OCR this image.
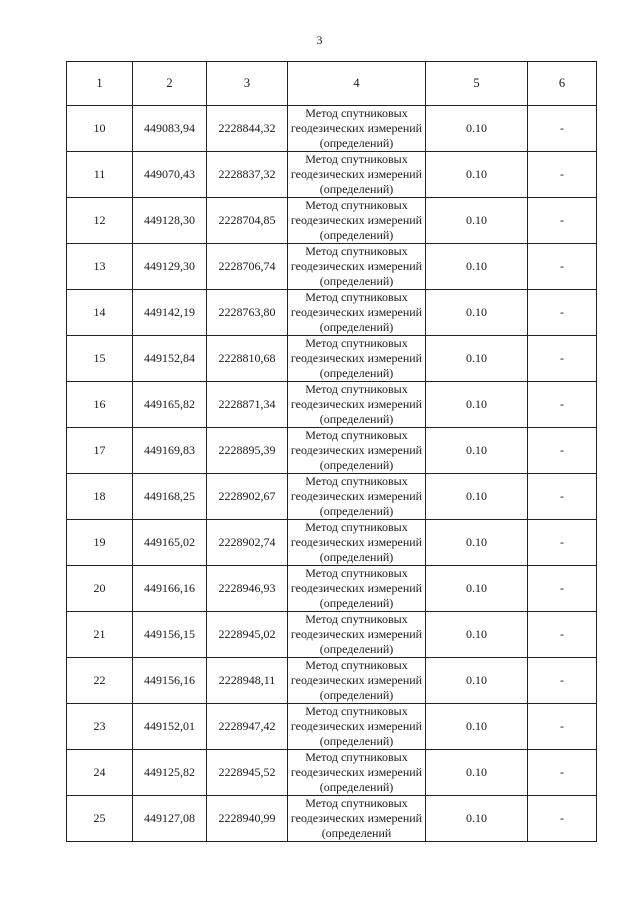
3
1	2	3	4	5	6
10	449083,94	2228844,32	Метод спутниковых
геодезических измерений
(определений)	0.10	-
11	449070,43	2228837,32	Метод спутниковых
геодезических измерений
(определений)	0.10	-
12	449128,30	2228704,85	Метод спутниковых
геодезических измерений
(определений)	0.10	-
13	449129,30	2228706,74	Метод спутниковых
геодезических измерений
(определений)	0.10	-
14	449142,19	2228763,80	Метод спутниковых
геодезических измерений
(определений)	0.10	-
15	449152,84	2228810,68	Метод спутниковых
геодезических измерений
(определений)	0.10	-
16	449165,82	2228871,34	Метод спутниковых
геодезических измерений
(определений)	0.10	-
17	449169,83	2228895,39	Метод спутниковых
геодезических измерений
(определений)	0.10	-
18	449168,25	2228902,67	Метод спутниковых
геодезических измерений
(определений)	0.10	-
19	449165,02	2228902,74	Метод спутниковых
геодезических измерений
(определений)	0.10	-
20	449166,16	2228946,93	Метод спутниковых
геодезических измерений
(определений)	0.10	-
21	449156,15	2228945,02	Метод спутниковых
геодезических измерений
(определений)	0.10	-
22	449156,16	2228948,11	Метод спутниковых
геодезических измерений
(определений)	0.10	-
23	449152,01	2228947,42	Метод спутниковых
геодезических измерений
(определений)	0.10	-
24	449125,82	2228945,52	Метод спутниковых
геодезических измерений
(определений)	0.10	-
25	449127,08	2228940,99	Метод спутниковых
геодезических измерений
(определений	0.10	-
